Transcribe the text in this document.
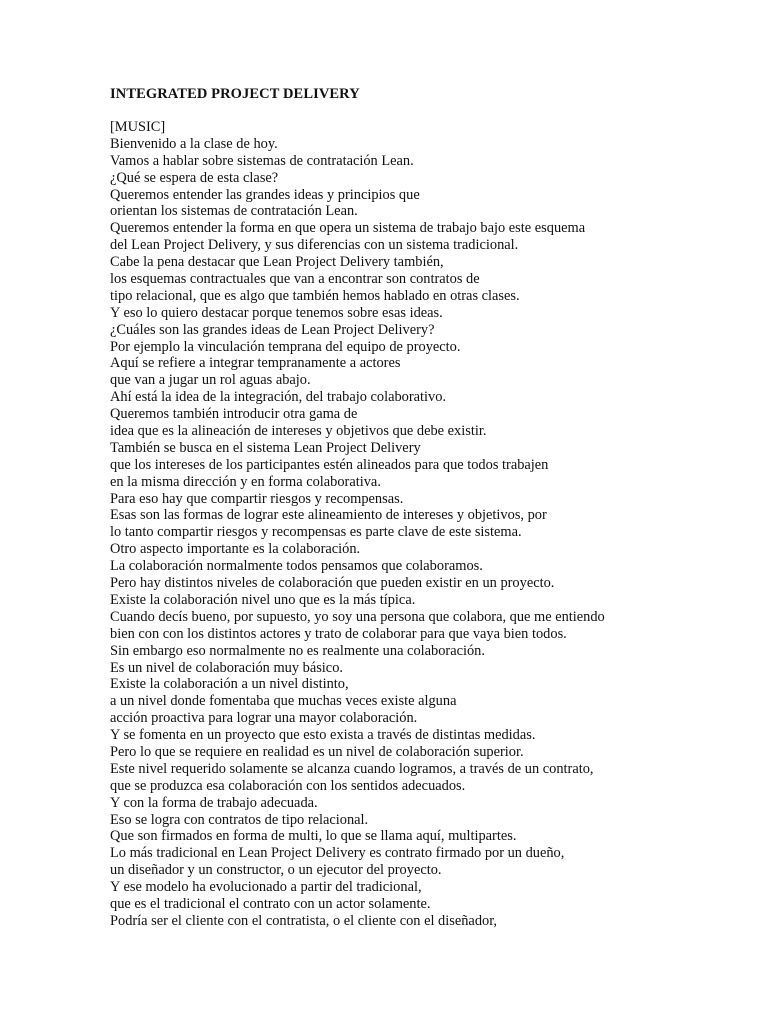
INTEGRATED PROJECT DELIVERY
[MUSIC]
Bienvenido a la clase de hoy.
Vamos a hablar sobre sistemas de contratación Lean.
¿Qué se espera de esta clase?
Queremos entender las grandes ideas y principios que
orientan los sistemas de contratación Lean.
Queremos entender la forma en que opera un sistema de trabajo bajo este esquema
del Lean Project Delivery, y sus diferencias con un sistema tradicional.
Cabe la pena destacar que Lean Project Delivery también,
los esquemas contractuales que van a encontrar son contratos de
tipo relacional, que es algo que también hemos hablado en otras clases.
Y eso lo quiero destacar porque tenemos sobre esas ideas.
¿Cuáles son las grandes ideas de Lean Project Delivery?
Por ejemplo la vinculación temprana del equipo de proyecto.
Aquí se refiere a integrar tempranamente a actores
que van a jugar un rol aguas abajo.
Ahí está la idea de la integración, del trabajo colaborativo.
Queremos también introducir otra gama de
idea que es la alineación de intereses y objetivos que debe existir.
También se busca en el sistema Lean Project Delivery
que los intereses de los participantes estén alineados para que todos trabajen
en la misma dirección y en forma colaborativa.
Para eso hay que compartir riesgos y recompensas.
Esas son las formas de lograr este alineamiento de intereses y objetivos, por
lo tanto compartir riesgos y recompensas es parte clave de este sistema.
Otro aspecto importante es la colaboración.
La colaboración normalmente todos pensamos que colaboramos.
Pero hay distintos niveles de colaboración que pueden existir en un proyecto.
Existe la colaboración nivel uno que es la más típica.
Cuando decís bueno, por supuesto, yo soy una persona que colabora, que me entiendo
bien con con los distintos actores y trato de colaborar para que vaya bien todos.
Sin embargo eso normalmente no es realmente una colaboración.
Es un nivel de colaboración muy básico.
Existe la colaboración a un nivel distinto,
a un nivel donde fomentaba que muchas veces existe alguna
acción proactiva para lograr una mayor colaboración.
Y se fomenta en un proyecto que esto exista a través de distintas medidas.
Pero lo que se requiere en realidad es un nivel de colaboración superior.
Este nivel requerido solamente se alcanza cuando logramos, a través de un contrato,
que se produzca esa colaboración con los sentidos adecuados.
Y con la forma de trabajo adecuada.
Eso se logra con contratos de tipo relacional.
Que son firmados en forma de multi, lo que se llama aquí, multipartes.
Lo más tradicional en Lean Project Delivery es contrato firmado por un dueño,
un diseñador y un constructor, o un ejecutor del proyecto.
Y ese modelo ha evolucionado a partir del tradicional,
que es el tradicional el contrato con un actor solamente.
Podría ser el cliente con el contratista, o el cliente con el diseñador,
